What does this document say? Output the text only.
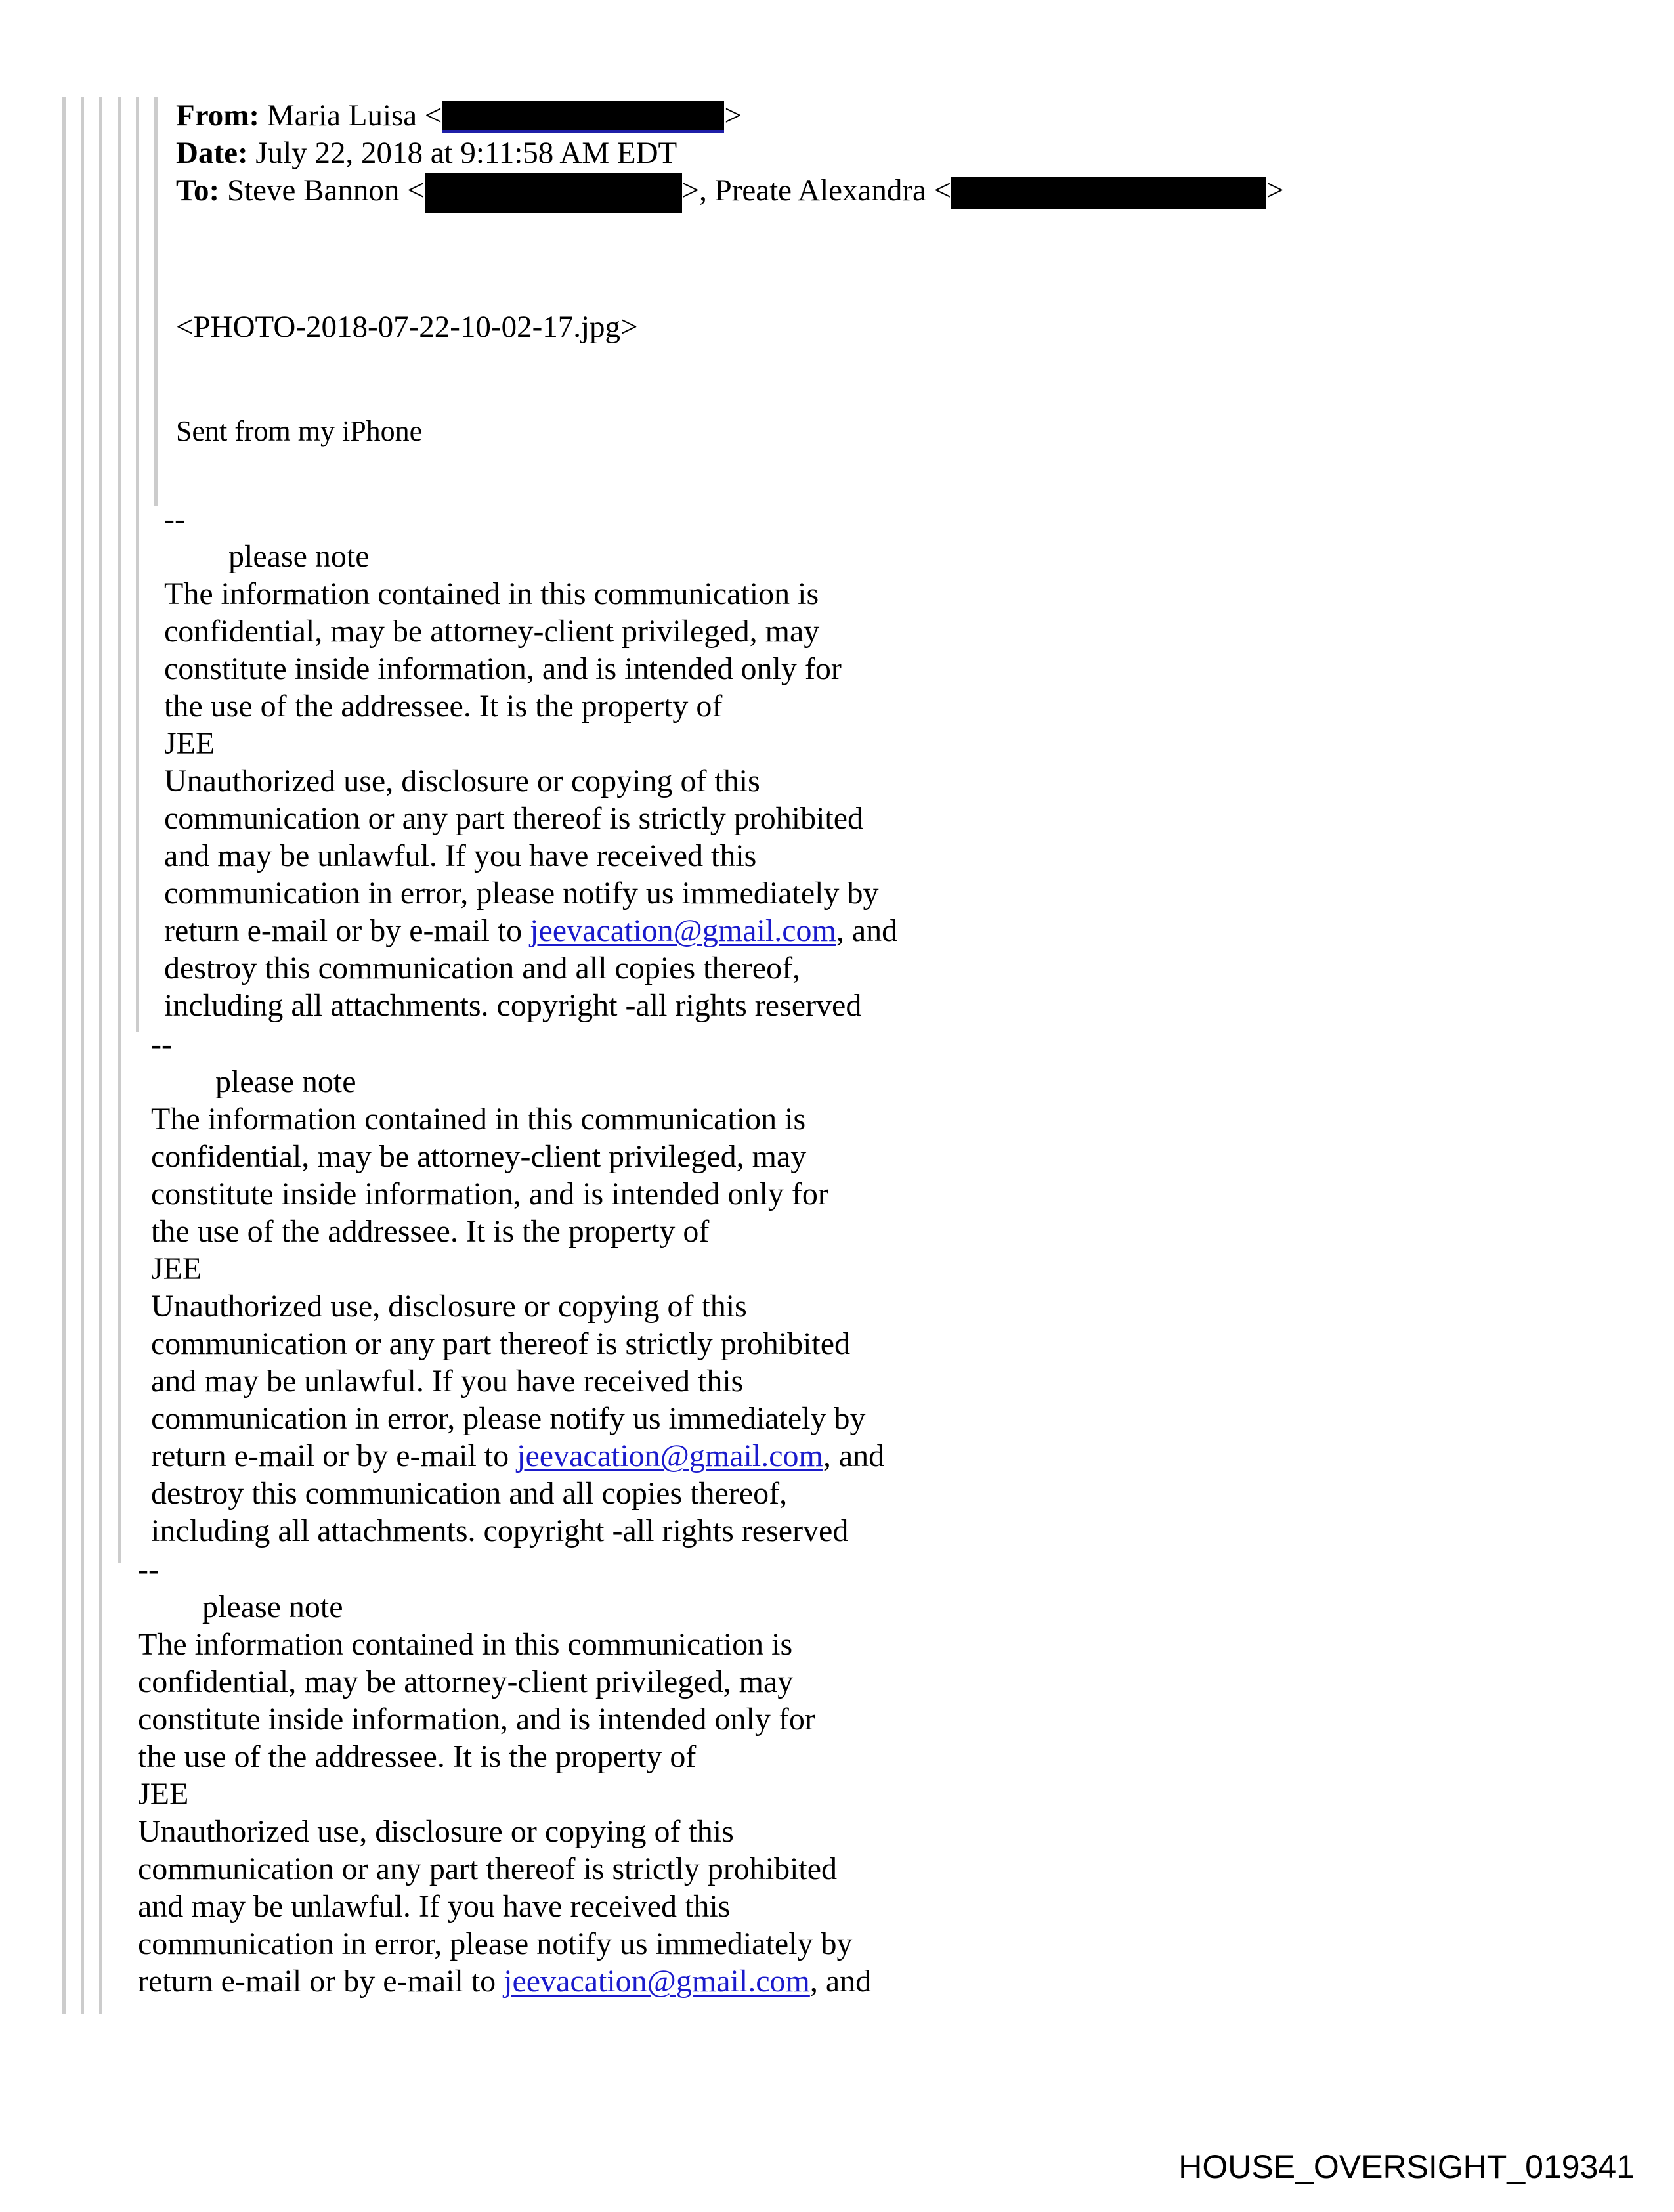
From: Maria Luisa <	>
Date: July 22, 2018 at 9:11:58 AM EDT
To: Steve Bannon <	>, Preate Alexandra <	>
<PHOTO-2018-07-22-10-02-17.jpg>
Sent from my iPhone
--
please note
The information contained in this communication is
confidential, may be attorney-client privileged, may
constitute inside information, and is intended only for
the use of the addressee. It is the property of
JEE
Unauthorized use, disclosure or copying of this
communication or any part thereof is strictly prohibited
and may be unlawful. If you have received this
communication in error, please notify us immediately by
return e-mail or by e-mail to jeevacation@gmail.com, and
destroy this communication and all copies thereof,
including all attachments. copyright -all rights reserved
--
please note
The information contained in this communication is
confidential, may be attorney-client privileged, may
constitute inside information, and is intended only for
the use of the addressee. It is the property of
JEE
Unauthorized use, disclosure or copying of this
communication or any part thereof is strictly prohibited
and may be unlawful. If you have received this
communication in error, please notify us immediately by
return e-mail or by e-mail to jeevacation@gmail.com, and
destroy this communication and all copies thereof,
including all attachments. copyright -all rights reserved
--
please note
The information contained in this communication is
confidential, may be attorney-client privileged, may
constitute inside information, and is intended only for
the use of the addressee. It is the property of
JEE
Unauthorized use, disclosure or copying of this
communication or any part thereof is strictly prohibited
and may be unlawful. If you have received this
communication in error, please notify us immediately by
return e-mail or by e-mail to jeevacation@gmail.com, and
HOUSE_OVERSIGHT_019341
